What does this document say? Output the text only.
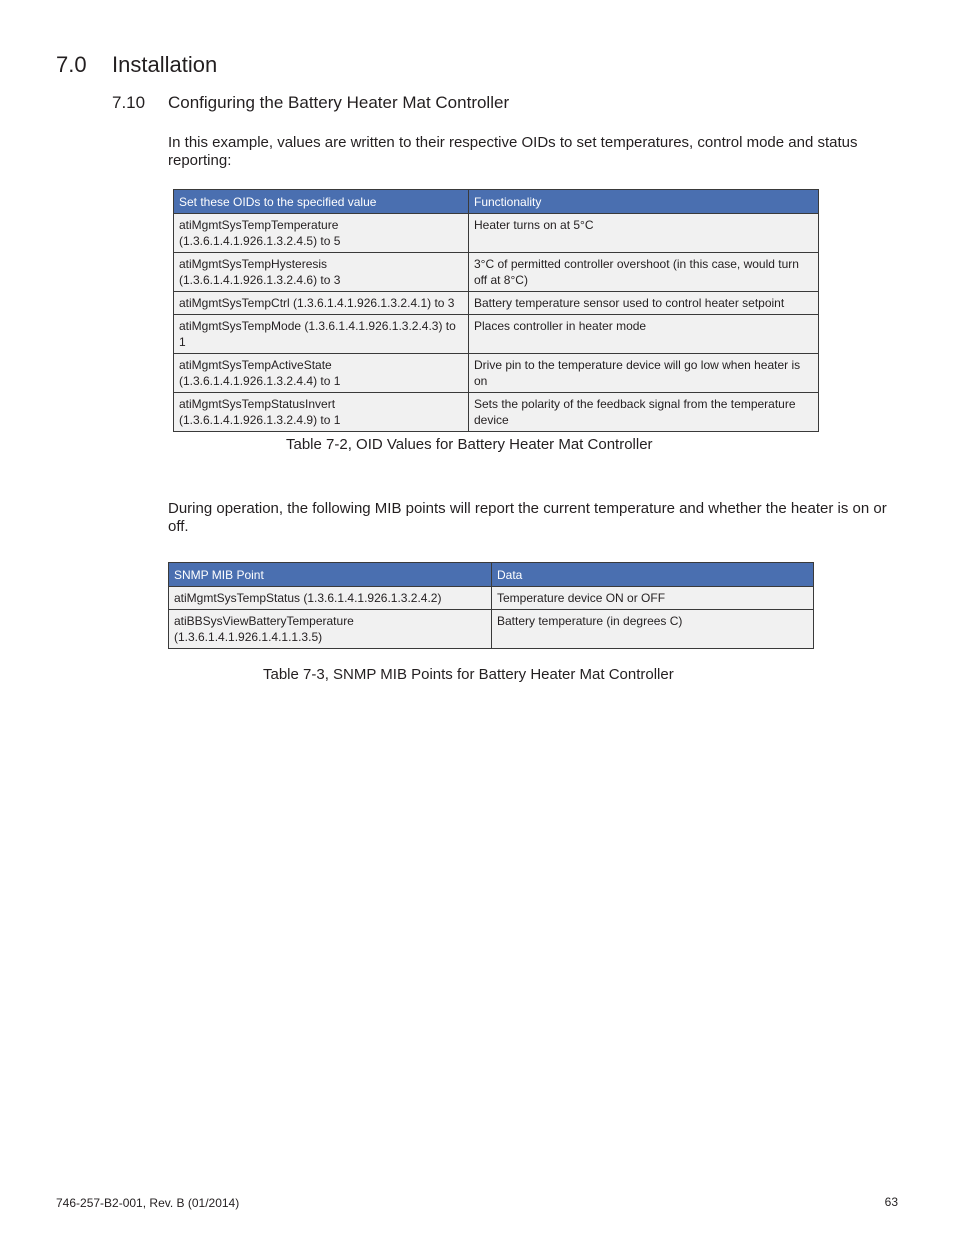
7.0 Installation
7.10 Configuring the Battery Heater Mat Controller
In this example, values are written to their respective OIDs to set temperatures, control mode and status reporting:
Set these OIDs to the specified value	Functionality
atiMgmtSysTempTemperature (1.3.6.1.4.1.926.1.3.2.4.5) to 5	Heater turns on at 5°C
atiMgmtSysTempHysteresis (1.3.6.1.4.1.926.1.3.2.4.6) to 3	3°C of permitted controller overshoot (in this case, would turn off at 8°C)
atiMgmtSysTempCtrl (1.3.6.1.4.1.926.1.3.2.4.1) to 3	Battery temperature sensor used to control heater setpoint
atiMgmtSysTempMode (1.3.6.1.4.1.926.1.3.2.4.3) to 1	Places controller in heater mode
atiMgmtSysTempActiveState (1.3.6.1.4.1.926.1.3.2.4.4) to 1	Drive pin to the temperature device will go low when heater is on
atiMgmtSysTempStatusInvert (1.3.6.1.4.1.926.1.3.2.4.9) to 1	Sets the polarity of the feedback signal from the temperature device
Table 7-2, OID Values for Battery Heater Mat Controller
During operation, the following MIB points will report the current temperature and whether the heater is on or off.
SNMP MIB Point	Data
atiMgmtSysTempStatus (1.3.6.1.4.1.926.1.3.2.4.2)	Temperature device ON or OFF
atiBBSysViewBatteryTemperature (1.3.6.1.4.1.926.1.4.1.1.3.5)	Battery temperature (in degrees C)
Table 7-3, SNMP MIB Points for Battery Heater Mat Controller
746-257-B2-001, Rev. B (01/2014)	63
